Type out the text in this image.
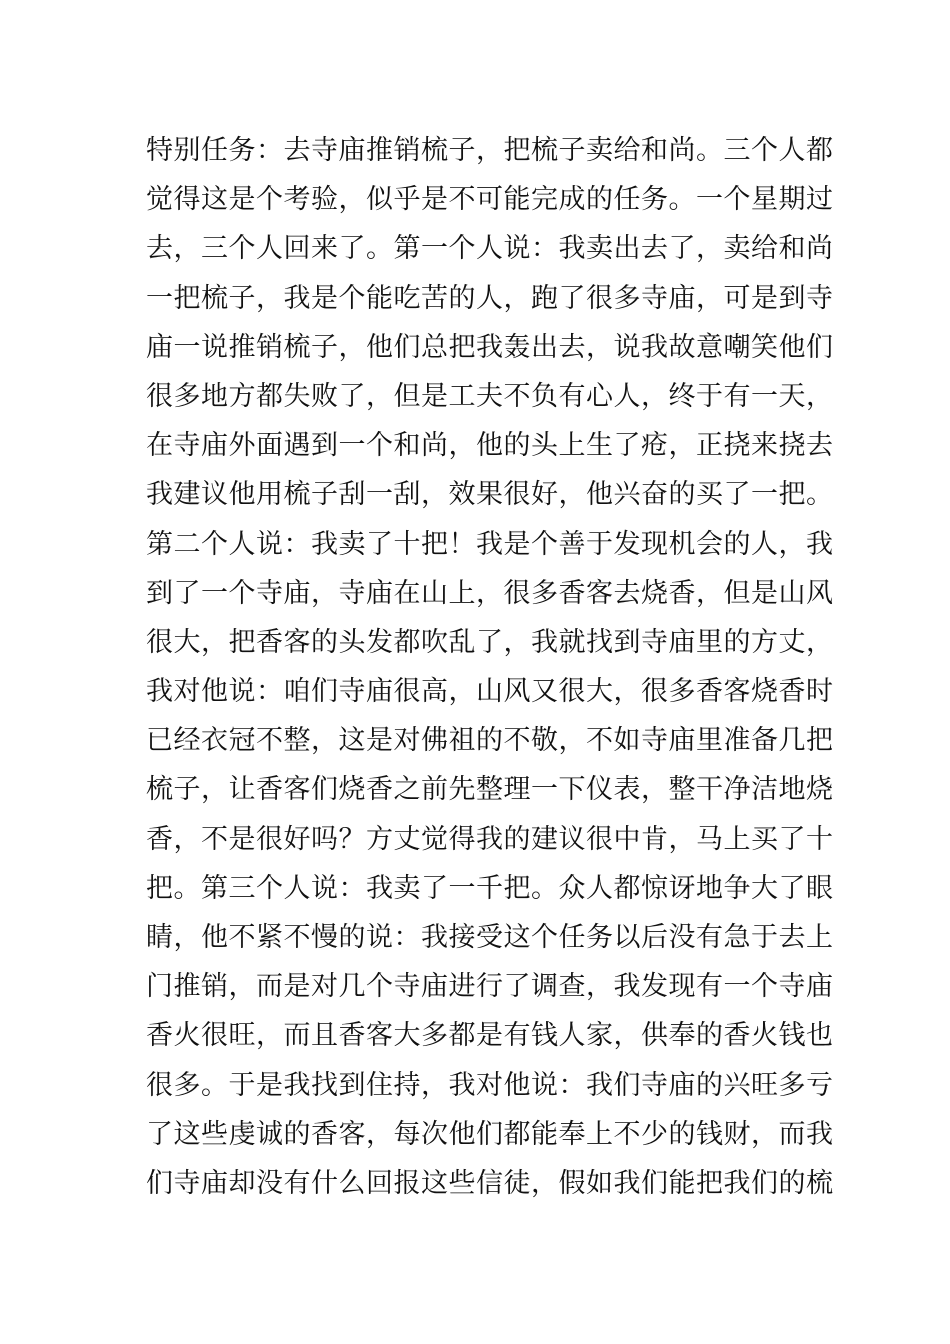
特别任务：去寺庙推销梳子，把梳子卖给和尚。三个人都
觉得这是个考验，似乎是不可能完成的任务。一个星期过
去，三个人回来了。第一个人说：我卖出去了，卖给和尚
一把梳子，我是个能吃苦的人，跑了很多寺庙，可是到寺
庙一说推销梳子，他们总把我轰出去，说我故意嘲笑他们
很多地方都失败了，但是工夫不负有心人，终于有一天，
在寺庙外面遇到一个和尚，他的头上生了疮，正挠来挠去
我建议他用梳子刮一刮，效果很好，他兴奋的买了一把。
第二个人说：我卖了十把！我是个善于发现机会的人，我
到了一个寺庙，寺庙在山上，很多香客去烧香，但是山风
很大，把香客的头发都吹乱了，我就找到寺庙里的方丈，
我对他说：咱们寺庙很高，山风又很大，很多香客烧香时
已经衣冠不整，这是对佛祖的不敬，不如寺庙里准备几把
梳子，让香客们烧香之前先整理一下仪表，整干净洁地烧
香，不是很好吗？方丈觉得我的建议很中肯，马上买了十
把。第三个人说：我卖了一千把。众人都惊讶地争大了眼
睛，他不紧不慢的说：我接受这个任务以后没有急于去上
门推销，而是对几个寺庙进行了调查，我发现有一个寺庙
香火很旺，而且香客大多都是有钱人家，供奉的香火钱也
很多。于是我找到住持，我对他说：我们寺庙的兴旺多亏
了这些虔诚的香客，每次他们都能奉上不少的钱财，而我
们寺庙却没有什么回报这些信徒，假如我们能把我们的梳
